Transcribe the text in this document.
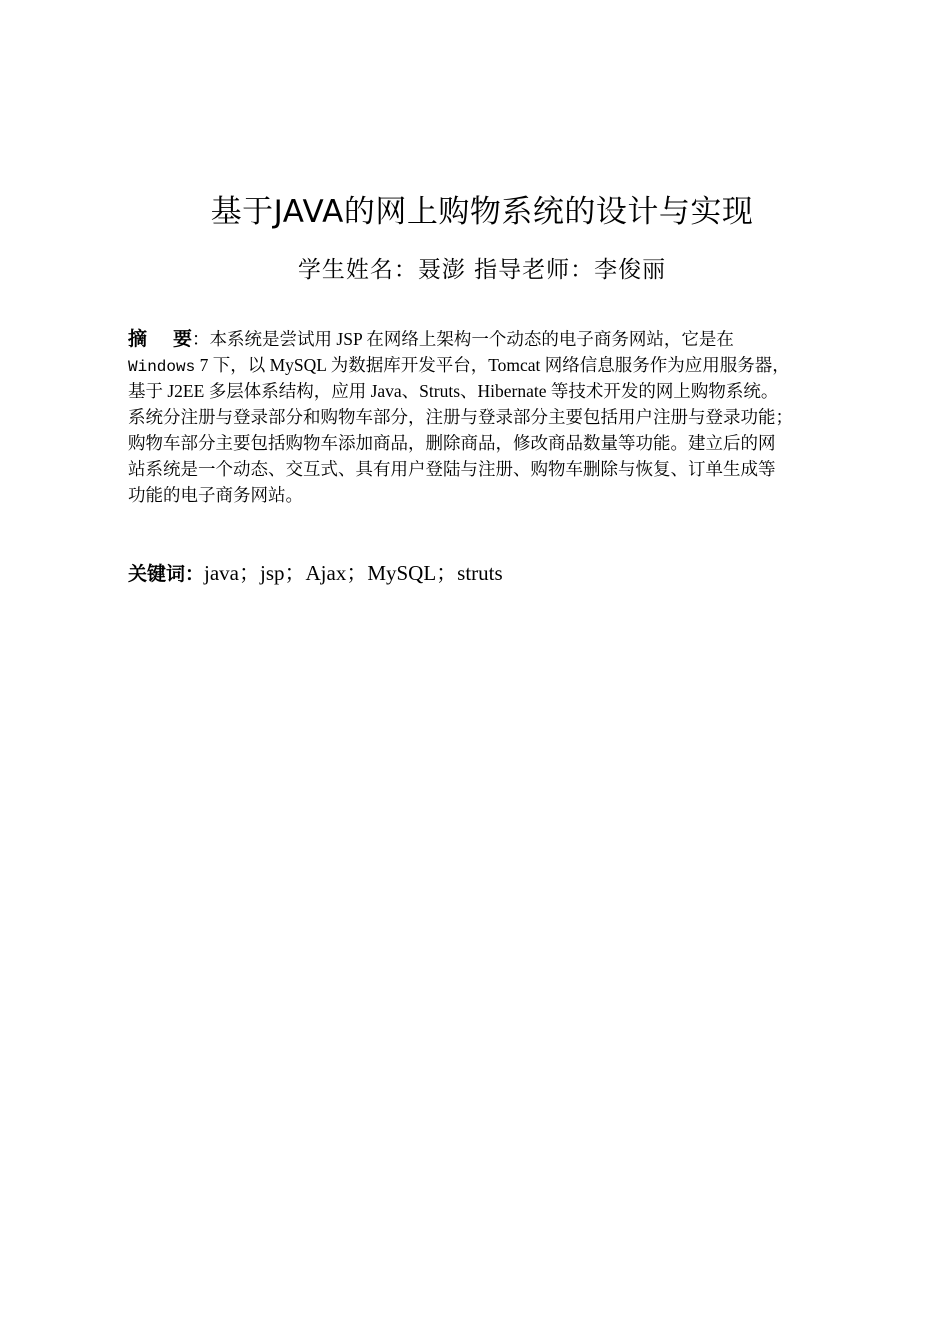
基于JAVA的网上购物系统的设计与实现
学生姓名：聂澎 指导老师：李俊丽
摘 要：本系统是尝试用 JSP 在网络上架构一个动态的电子商务网站，它是在
Windows 7 下，以 MySQL 为数据库开发平台，Tomcat 网络信息服务作为应用服务器，
基于 J2EE 多层体系结构，应用 Java、Struts、Hibernate 等技术开发的网上购物系统。
系统分注册与登录部分和购物车部分，注册与登录部分主要包括用户注册与登录功能；
购物车部分主要包括购物车添加商品，删除商品，修改商品数量等功能。建立后的网
站系统是一个动态、交互式、具有用户登陆与注册、购物车删除与恢复、订单生成等
功能的电子商务网站。
关键词：java；jsp；Ajax；MySQL；struts
